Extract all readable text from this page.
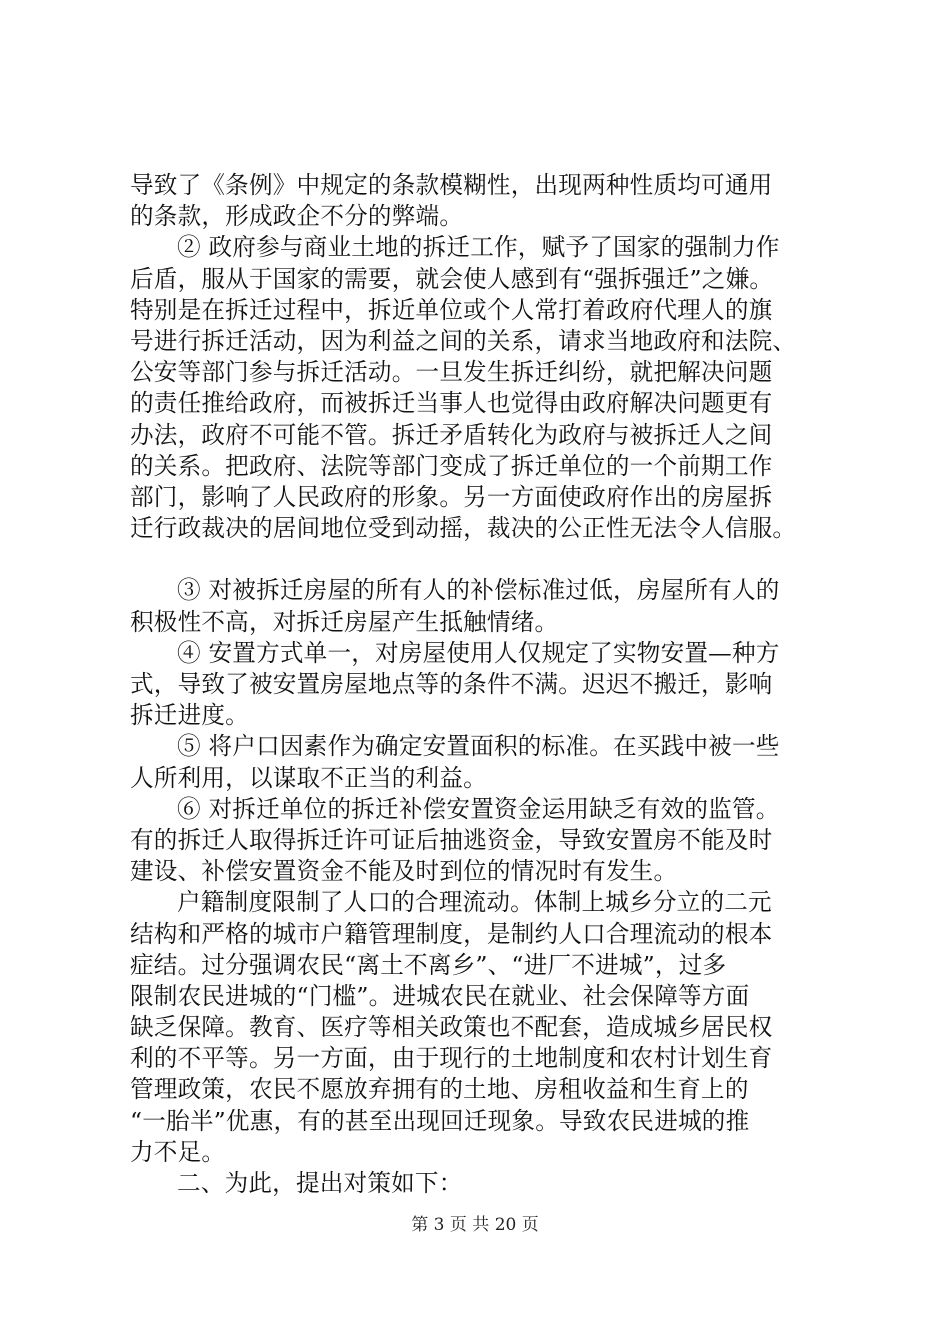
导致了《条例》中规定的条款模糊性，出现两种性质均可通用
的条款，形成政企不分的弊端。
② 政府参与商业土地的拆迁工作，赋予了国家的强制力作
后盾，服从于国家的需要，就会使人感到有“强拆强迁”之嫌。
特别是在拆迁过程中，拆近单位或个人常打着政府代理人的旗
号进行拆迁活动，因为利益之间的关系，请求当地政府和法院、
公安等部门参与拆迁活动。一旦发生拆迁纠纷，就把解决问题
的责任推给政府，而被拆迁当事人也觉得由政府解决问题更有
办法，政府不可能不管。拆迁矛盾转化为政府与被拆迁人之间
的关系。把政府、法院等部门变成了拆迁单位的一个前期工作
部门，影响了人民政府的形象。另一方面使政府作出的房屋拆
迁行政裁决的居间地位受到动摇，裁决的公正性无法令人信服。
③ 对被拆迁房屋的所有人的补偿标准过低，房屋所有人的
积极性不高，对拆迁房屋产生抵触情绪。
④ 安置方式单一，对房屋使用人仅规定了实物安置—种方
式，导致了被安置房屋地点等的条件不满。迟迟不搬迁，影响
拆迁进度。
⑤ 将户口因素作为确定安置面积的标准。在买践中被一些
人所利用，以谋取不正当的利益。
⑥ 对拆迁单位的拆迁补偿安置资金运用缺乏有效的监管。
有的拆迁人取得拆迁许可证后抽逃资金，导致安置房不能及时
建设、补偿安置资金不能及时到位的情况时有发生。
户籍制度限制了人口的合理流动。体制上城乡分立的二元
结构和严格的城市户籍管理制度，是制约人口合理流动的根本
症结。过分强调农民“离土不离乡”、“进厂不进城”，过多
限制农民进城的“门槛”。进城农民在就业、社会保障等方面
缺乏保障。教育、医疗等相关政策也不配套，造成城乡居民权
利的不平等。另一方面，由于现行的土地制度和农村计划生育
管理政策，农民不愿放弃拥有的土地、房租收益和生育上的
“一胎半”优惠，有的甚至出现回迁现象。导致农民进城的推
力不足。
二、为此，提出对策如下：
第 3 页 共 20 页
